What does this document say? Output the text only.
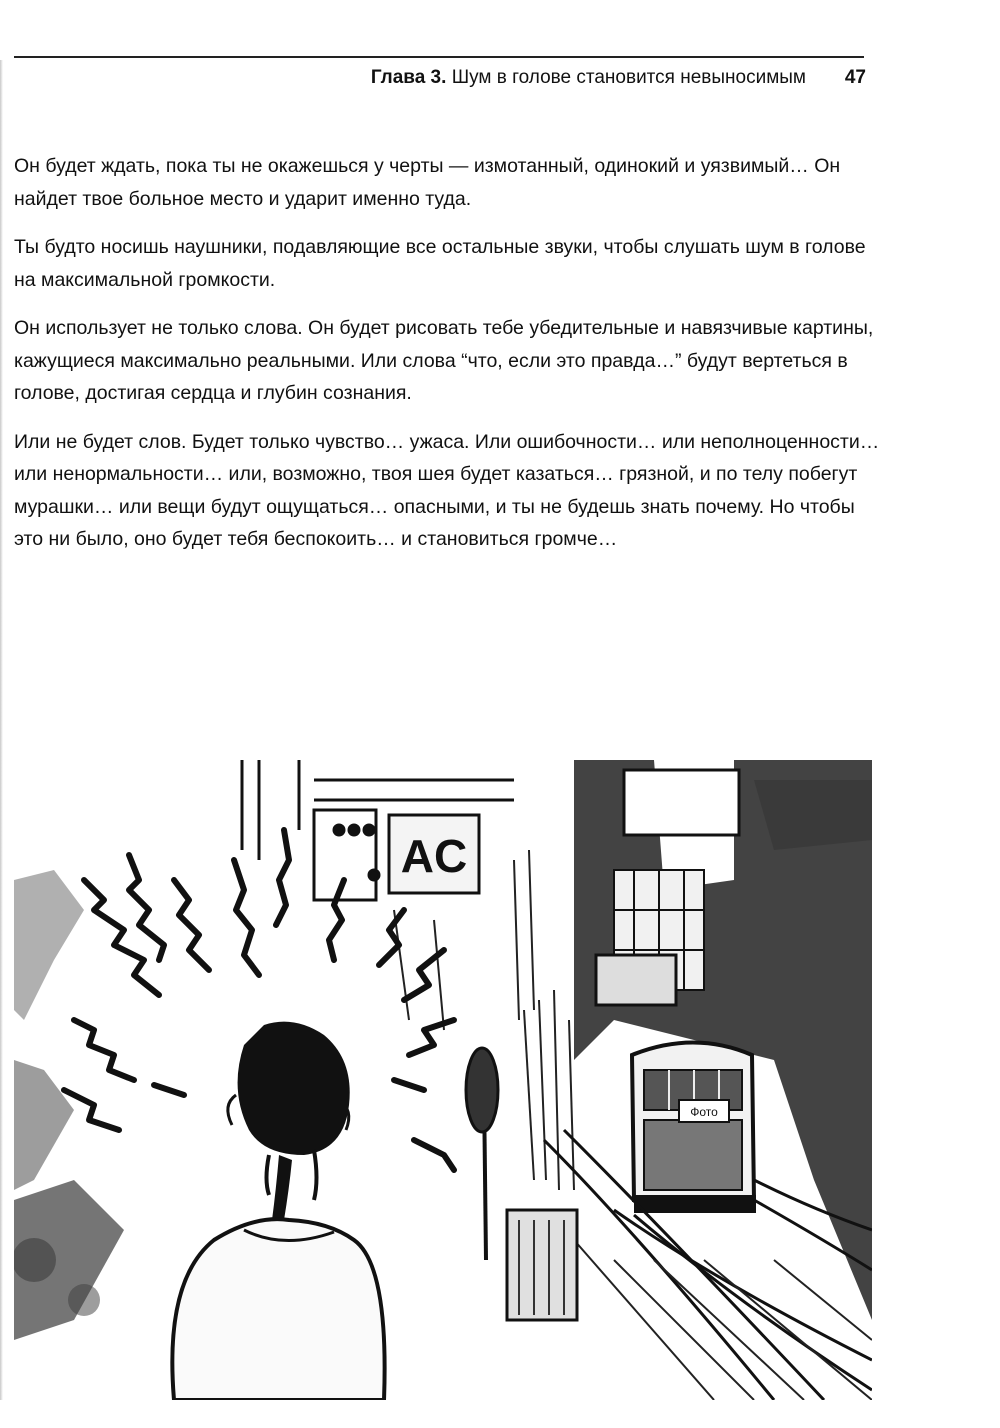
Глава 3. Шум в голове становится невыносимым 47

Он будет ждать, пока ты не окажешься у черты — измотанный, одинокий и уязвимый… Он найдет твое больное место и ударит именно туда.

Ты будто носишь наушники, подавляющие все остальные звуки, чтобы слушать шум в голове на максимальной громкости.

Он использует не только слова. Он будет рисовать тебе убедительные и навязчивые картины, кажущиеся максимально реальными. Или слова “что, если это правда…” будут вертеться в голове, достигая сердца и глубин сознания.

Или не будет слов. Будет только чувство… ужаса. Или ошибочности… или неполноценности… или ненормальности… или, возможно, твоя шея будет казаться… грязной, и по телу побегут мурашки… или вещи будут ощущаться… опасными, и ты не будешь знать почему. Но чтобы это ни было, оно будет тебя беспокоить… и становиться громче…

AC
Фото
